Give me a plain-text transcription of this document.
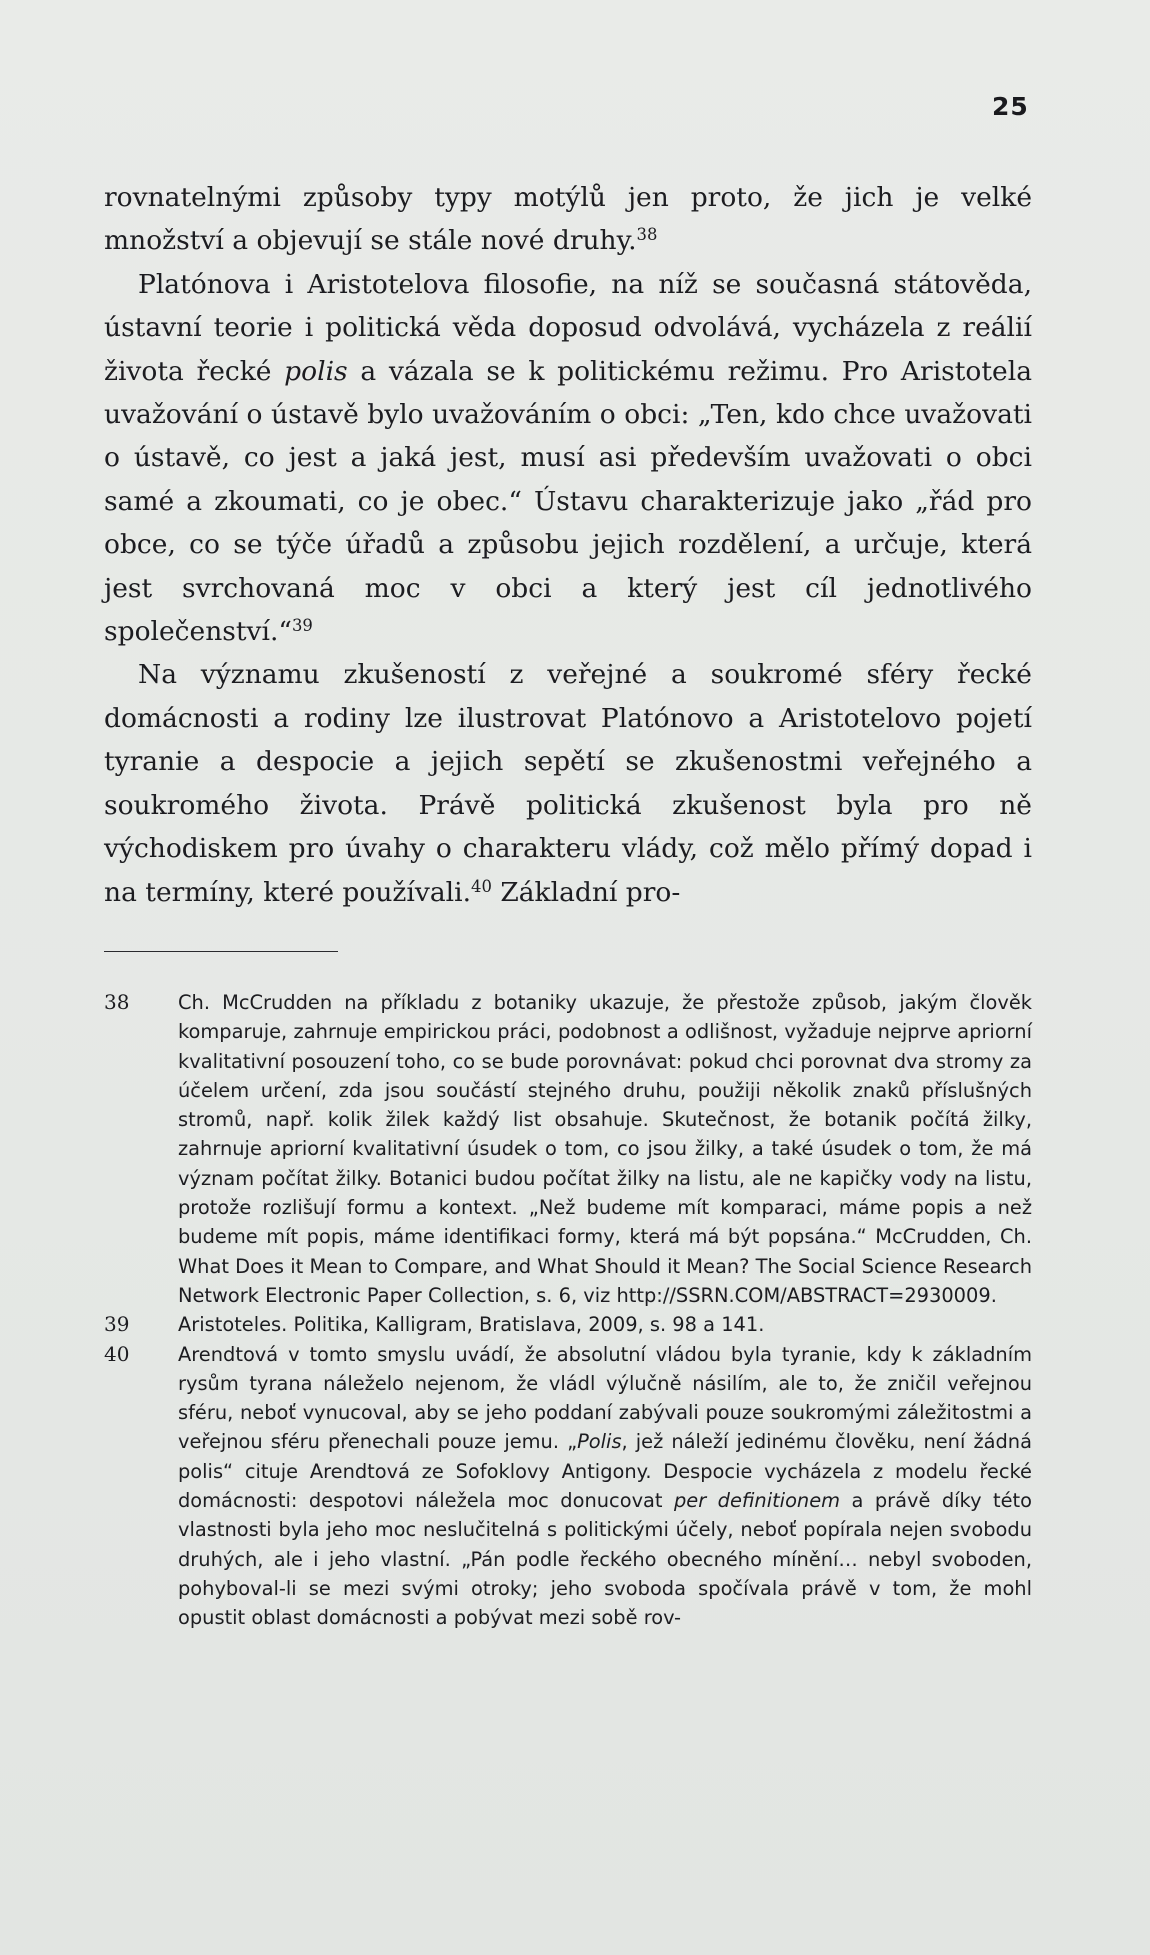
25

rovnatelnými způsoby typy motýlů jen proto, že jich je velké množství a objevují se stále nové druhy.$^{38}$

Platónova i Aristotelova filosofie, na níž se současná státověda, ústavní teorie i politická věda doposud odvolává, vycházela z reálií života řecké polis a vázala se k politickému režimu. Pro Aristotela uvažování o ústavě bylo uvažováním o obci: „Ten, kdo chce uvažovati o ústavě, co jest a jaká jest, musí asi především uvažovati o obci samé a zkoumati, co je obec.“ Ústavu charakterizuje jako „řád pro obce, co se týče úřadů a způsobu jejich rozdělení, a určuje, která jest svrchovaná moc v obci a který jest cíl jednotlivého společenství.“$^{39}$

Na významu zkušeností z veřejné a soukromé sféry řecké domácnosti a rodiny lze ilustrovat Platónovo a Aristotelovo pojetí tyranie a despocie a jejich sepětí se zkušenostmi veřejného a soukromého života. Právě politická zkušenost byla pro ně východiskem pro úvahy o charakteru vlády, což mělo přímý dopad i na termíny, které používali.$^{40}$ Základní pro-

38	Ch. McCrudden na příkladu z botaniky ukazuje, že přestože způsob, jakým člověk komparuje, zahrnuje empirickou práci, podobnost a odlišnost, vyžaduje nejprve apriorní kvalitativní posouzení toho, co se bude porovnávat: pokud chci porovnat dva stromy za účelem určení, zda jsou součástí stejného druhu, použiji několik znaků příslušných stromů, např. kolik žilek každý list obsahuje. Skutečnost, že botanik počítá žilky, zahrnuje apriorní kvalitativní úsudek o tom, co jsou žilky, a také úsudek o tom, že má význam počítat žilky. Botanici budou počítat žilky na listu, ale ne kapičky vody na listu, protože rozlišují formu a kontext. „Než budeme mít komparaci, máme popis a než budeme mít popis, máme identifikaci formy, která má být popsána.“ McCrudden, Ch. What Does it Mean to Compare, and What Should it Mean? The Social Science Research Network Electronic Paper Collection, s. 6, viz http://SSRN.COM/ABSTRACT=2930009.
39	Aristoteles. Politika, Kalligram, Bratislava, 2009, s. 98 a 141.
40	Arendtová v tomto smyslu uvádí, že absolutní vládou byla tyranie, kdy k základním rysům tyrana náleželo nejenom, že vládl výlučně násilím, ale to, že zničil veřejnou sféru, neboť vynucoval, aby se jeho poddaní zabývali pouze soukromými záležitostmi a veřejnou sféru přenechali pouze jemu. „Polis, jež náleží jedinému člověku, není žádná polis“ cituje Arendtová ze Sofoklovy Antigony. Despocie vycházela z modelu řecké domácnosti: despotovi náležela moc donucovat per definitionem a právě díky této vlastnosti byla jeho moc neslučitelná s politickými účely, neboť popírala nejen svobodu druhých, ale i jeho vlastní. „Pán podle řeckého obecného mínění… nebyl svoboden, pohyboval-li se mezi svými otroky; jeho svoboda spočívala právě v tom, že mohl opustit oblast domácnosti a pobývat mezi sobě rov-
